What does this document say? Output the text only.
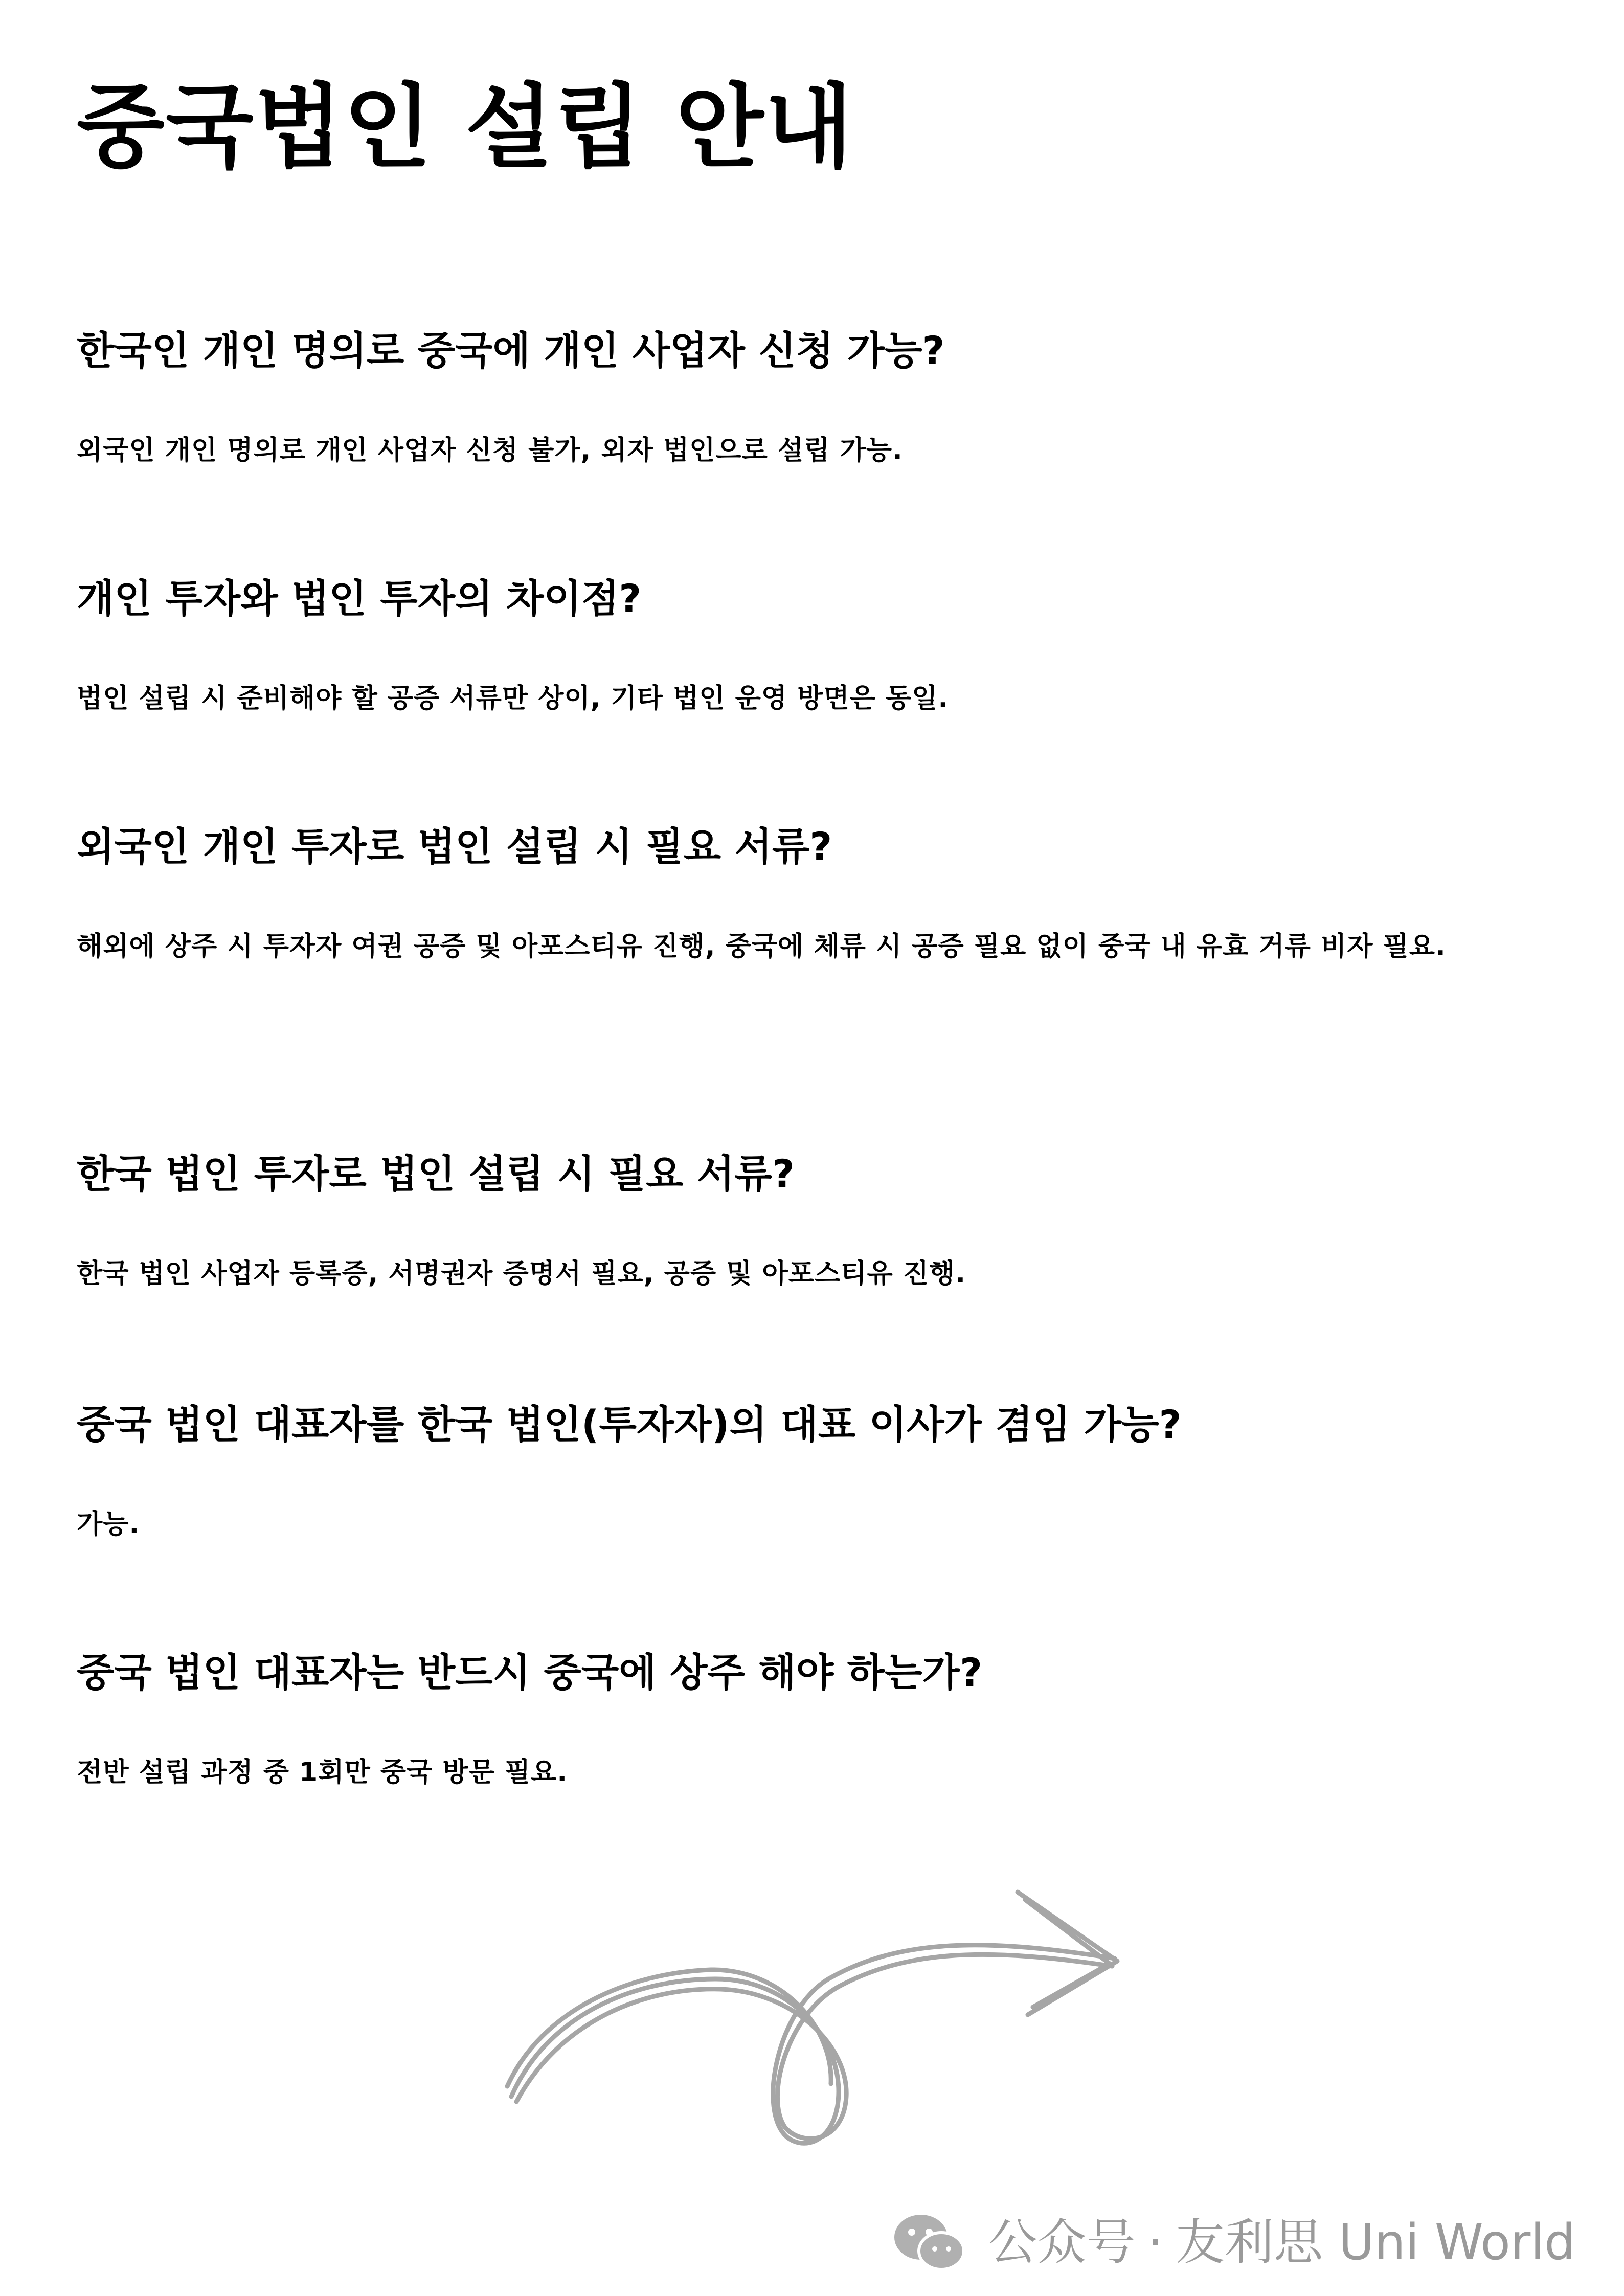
중국법인 설립 안내
한국인 개인 명의로 중국에 개인 사업자 신청 가능?

외국인 개인 명의로 개인 사업자 신청 불가, 외자 법인으로 설립 가능.

개인 투자와 법인 투자의 차이점?

법인 설립 시 준비해야 할 공증 서류만 상이, 기타 법인 운영 방면은 동일.

외국인 개인 투자로 법인 설립 시 필요 서류?

해외에 상주 시 투자자 여권 공증 및 아포스티유 진행, 중국에 체류 시 공증 필요 없이 중국 내 유효 거류 비자 필요.

한국 법인 투자로 법인 설립 시 필요 서류?

한국 법인 사업자 등록증, 서명권자 증명서 필요, 공증 및 아포스티유 진행.

중국 법인 대표자를 한국 법인(투자자)의 대표 이사가 겸임 가능?

가능.

중국 법인 대표자는 반드시 중국에 상주 해야 하는가?

전반 설립 과정 중 1회만 중국 방문 필요.

公众号 · 友利思 Uni World
